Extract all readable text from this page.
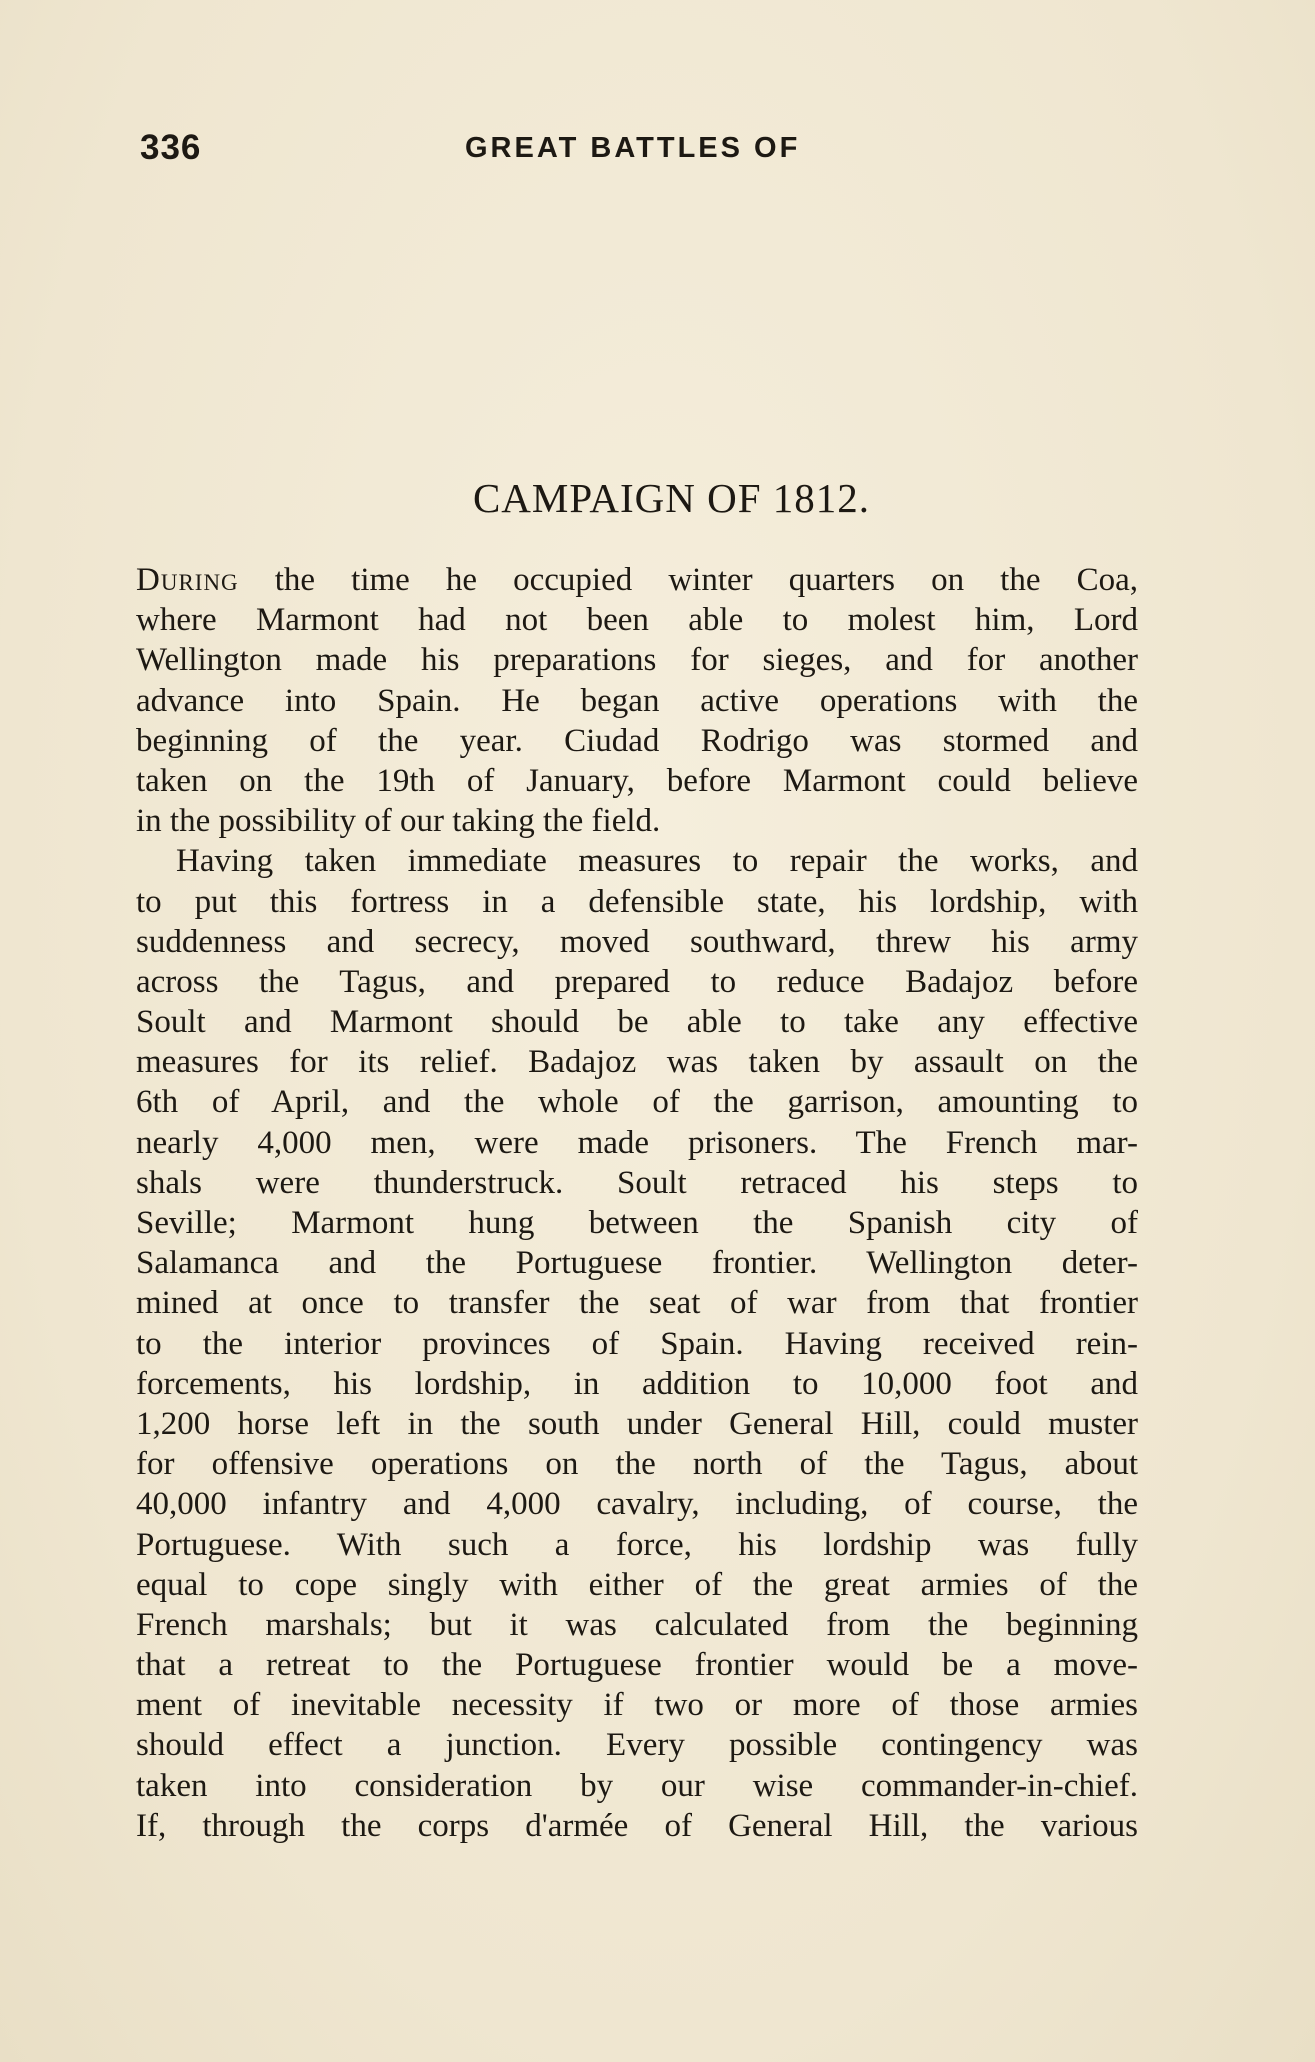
336	GREAT BATTLES OF
CAMPAIGN OF 1812.
During the time he occupied winter quarters on the Coa,
where Marmont had not been able to molest him, Lord
Wellington made his preparations for sieges, and for another
advance into Spain. He began active operations with the
beginning of the year. Ciudad Rodrigo was stormed and
taken on the 19th of January, before Marmont could believe
in the possibility of our taking the field.
Having taken immediate measures to repair the works, and
to put this fortress in a defensible state, his lordship, with
suddenness and secrecy, moved southward, threw his army
across the Tagus, and prepared to reduce Badajoz before
Soult and Marmont should be able to take any effective
measures for its relief. Badajoz was taken by assault on the
6th of April, and the whole of the garrison, amounting to
nearly 4,000 men, were made prisoners. The French mar-
shals were thunderstruck. Soult retraced his steps to
Seville; Marmont hung between the Spanish city of
Salamanca and the Portuguese frontier. Wellington deter-
mined at once to transfer the seat of war from that frontier
to the interior provinces of Spain. Having received rein-
forcements, his lordship, in addition to 10,000 foot and
1,200 horse left in the south under General Hill, could muster
for offensive operations on the north of the Tagus, about
40,000 infantry and 4,000 cavalry, including, of course, the
Portuguese. With such a force, his lordship was fully
equal to cope singly with either of the great armies of the
French marshals; but it was calculated from the beginning
that a retreat to the Portuguese frontier would be a move-
ment of inevitable necessity if two or more of those armies
should effect a junction. Every possible contingency was
taken into consideration by our wise commander-in-chief.
If, through the corps d'armée of General Hill, the various
